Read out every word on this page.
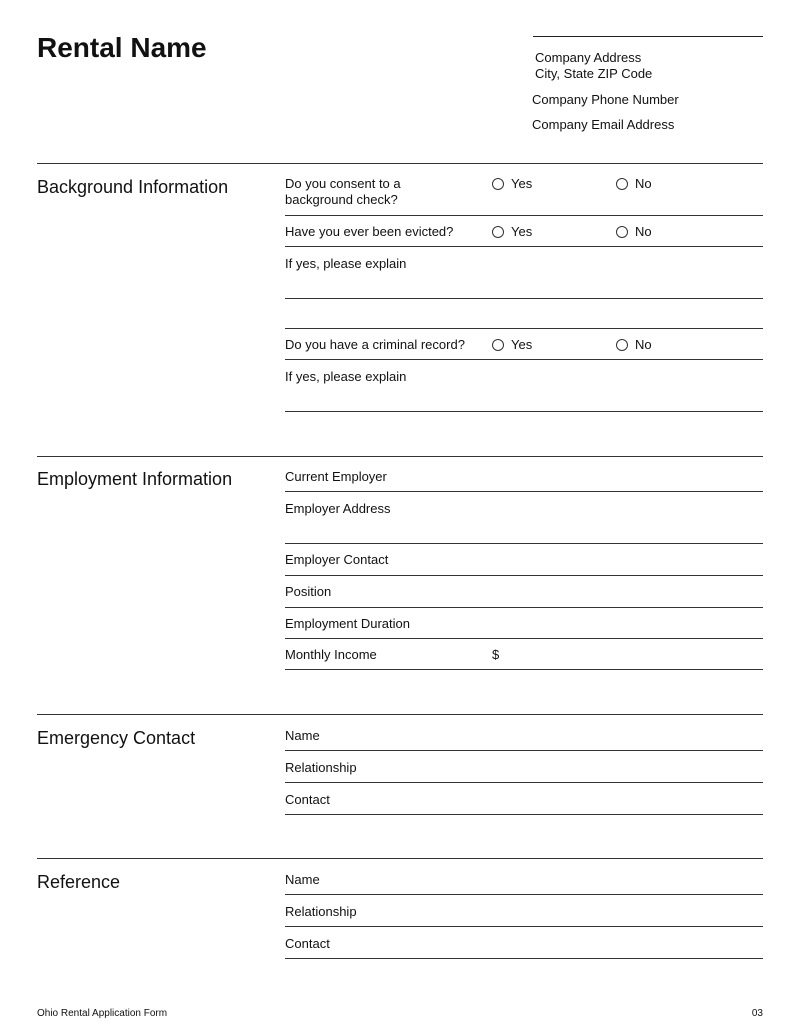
Rental Name	Company Address
City, State ZIP Code
Company Phone Number
Company Email Address
Background Information	Do you consent to a
background check?
Yes	No
Have you ever been evicted?	Yes	No
If yes, please explain
Do you have a criminal record?	Yes	No
If yes, please explain
Employment Information	Current Employer
Employer Address
Employer Contact
Position
Employment Duration
Monthly Income	$
Emergency Contact	Name
Relationship
Contact
Reference	Name
Relationship
Contact
Ohio Rental Application Form	03
